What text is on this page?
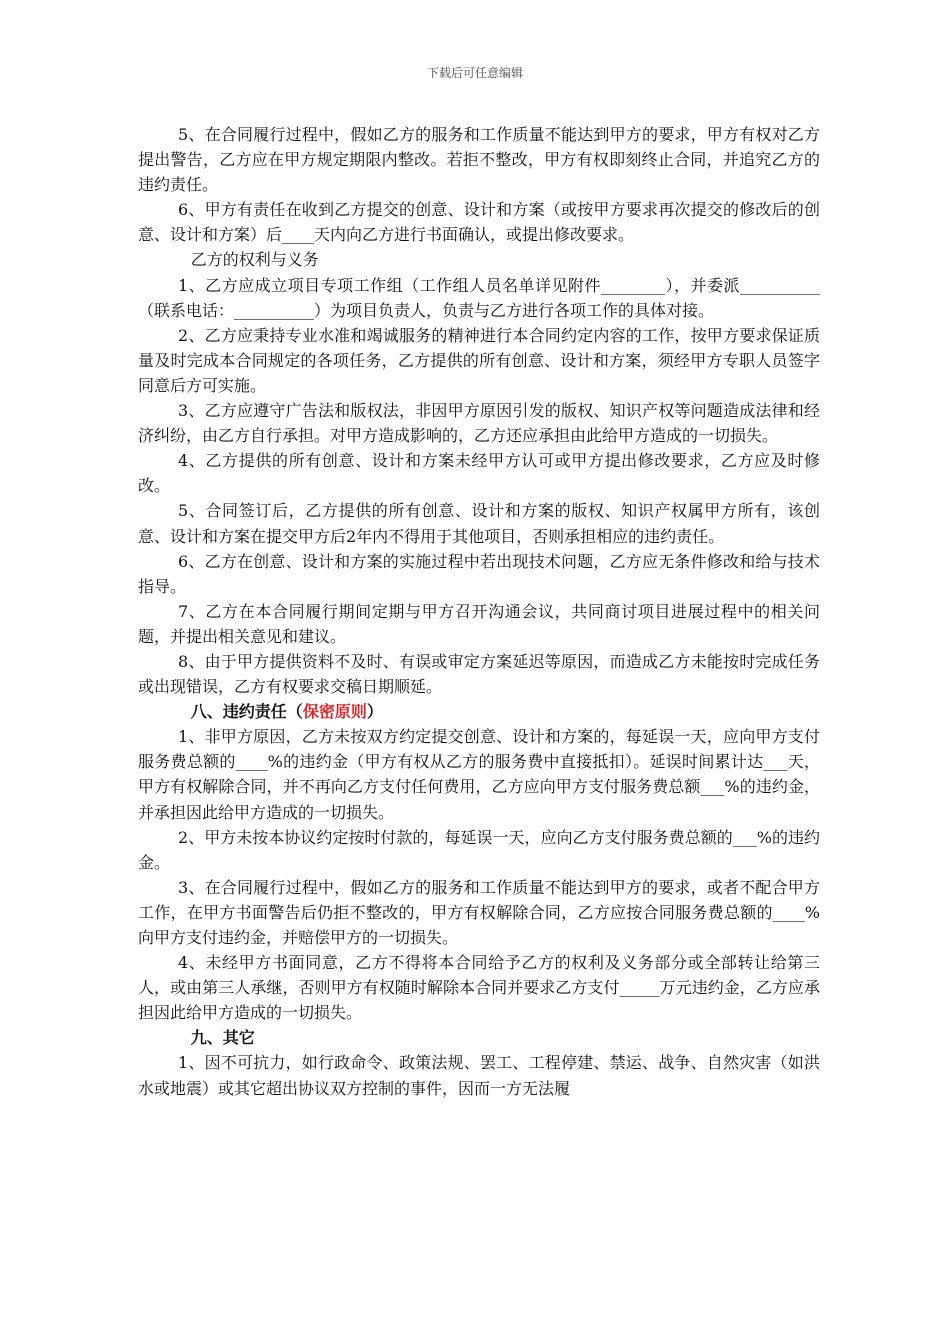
下载后可任意编辑

5、在合同履行过程中，假如乙方的服务和工作质量不能达到甲方的要求，甲方有权对乙方提出警告，乙方应在甲方规定期限内整改。若拒不整改，甲方有权即刻终止合同，并追究乙方的违约责任。

6、甲方有责任在收到乙方提交的创意、设计和方案（或按甲方要求再次提交的修改后的创意、设计和方案）后____天内向乙方进行书面确认，或提出修改要求。

乙方的权利与义务

1、乙方应成立项目专项工作组（工作组人员名单详见附件________），并委派__________（联系电话：__________）为项目负责人，负责与乙方进行各项工作的具体对接。

2、乙方应秉持专业水准和竭诚服务的精神进行本合同约定内容的工作，按甲方要求保证质量及时完成本合同规定的各项任务，乙方提供的所有创意、设计和方案，须经甲方专职人员签字同意后方可实施。

3、乙方应遵守广告法和版权法，非因甲方原因引发的版权、知识产权等问题造成法律和经济纠纷，由乙方自行承担。对甲方造成影响的，乙方还应承担由此给甲方造成的一切损失。

4、乙方提供的所有创意、设计和方案未经甲方认可或甲方提出修改要求，乙方应及时修改。

5、合同签订后，乙方提供的所有创意、设计和方案的版权、知识产权属甲方所有，该创意、设计和方案在提交甲方后2年内不得用于其他项目，否则承担相应的违约责任。

6、乙方在创意、设计和方案的实施过程中若出现技术问题，乙方应无条件修改和给与技术指导。

7、乙方在本合同履行期间定期与甲方召开沟通会议，共同商讨项目进展过程中的相关问题，并提出相关意见和建议。

8、由于甲方提供资料不及时、有误或审定方案延迟等原因，而造成乙方未能按时完成任务或出现错误，乙方有权要求交稿日期顺延。

八、违约责任（保密原则）

1、非甲方原因，乙方未按双方约定提交创意、设计和方案的，每延误一天，应向甲方支付服务费总额的____%的违约金（甲方有权从乙方的服务费中直接抵扣）。延误时间累计达___天，甲方有权解除合同，并不再向乙方支付任何费用，乙方应向甲方支付服务费总额___%的违约金，并承担因此给甲方造成的一切损失。

2、甲方未按本协议约定按时付款的，每延误一天，应向乙方支付服务费总额的___%的违约金。

3、在合同履行过程中，假如乙方的服务和工作质量不能达到甲方的要求，或者不配合甲方工作，在甲方书面警告后仍拒不整改的，甲方有权解除合同，乙方应按合同服务费总额的____%向甲方支付违约金，并赔偿甲方的一切损失。

4、未经甲方书面同意，乙方不得将本合同给予乙方的权利及义务部分或全部转让给第三人，或由第三人承继，否则甲方有权随时解除本合同并要求乙方支付_____万元违约金，乙方应承担因此给甲方造成的一切损失。

九、其它

1、因不可抗力，如行政命令、政策法规、罢工、工程停建、禁运、战争、自然灾害（如洪水或地震）或其它超出协议双方控制的事件，因而一方无法履
